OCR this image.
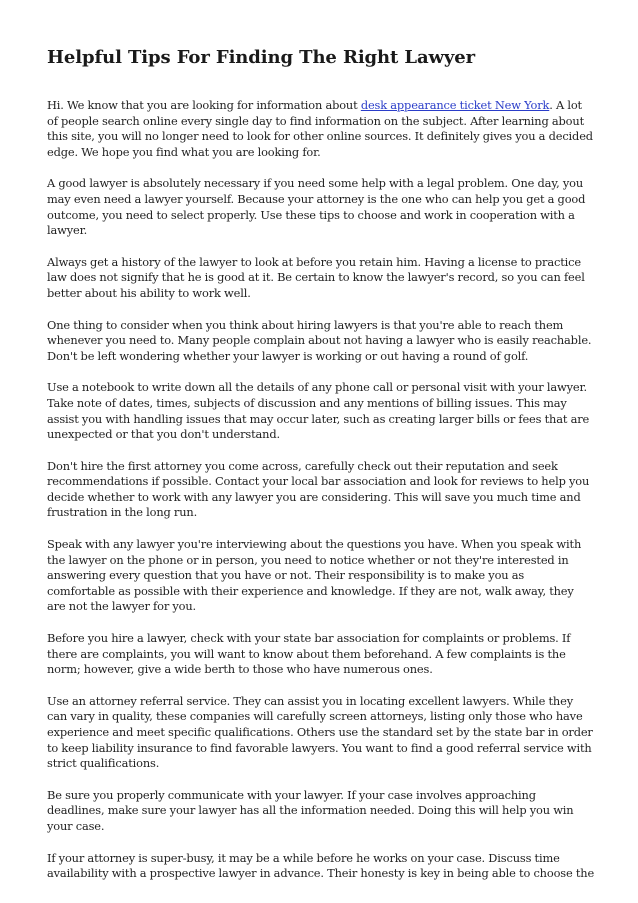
Helpful Tips For Finding The Right Lawyer

Hi. We know that you are looking for information about desk appearance ticket New York. A lot of people search online every single day to find information on the subject. After learning about this site, you will no longer need to look for other online sources. It definitely gives you a decided edge. We hope you find what you are looking for.

A good lawyer is absolutely necessary if you need some help with a legal problem. One day, you may even need a lawyer yourself. Because your attorney is the one who can help you get a good outcome, you need to select properly. Use these tips to choose and work in cooperation with a lawyer.

Always get a history of the lawyer to look at before you retain him. Having a license to practice law does not signify that he is good at it. Be certain to know the lawyer's record, so you can feel better about his ability to work well.

One thing to consider when you think about hiring lawyers is that you're able to reach them whenever you need to. Many people complain about not having a lawyer who is easily reachable. Don't be left wondering whether your lawyer is working or out having a round of golf.

Use a notebook to write down all the details of any phone call or personal visit with your lawyer. Take note of dates, times, subjects of discussion and any mentions of billing issues. This may assist you with handling issues that may occur later, such as creating larger bills or fees that are unexpected or that you don't understand.

Don't hire the first attorney you come across, carefully check out their reputation and seek recommendations if possible. Contact your local bar association and look for reviews to help you decide whether to work with any lawyer you are considering. This will save you much time and frustration in the long run.

Speak with any lawyer you're interviewing about the questions you have. When you speak with the lawyer on the phone or in person, you need to notice whether or not they're interested in answering every question that you have or not. Their responsibility is to make you as comfortable as possible with their experience and knowledge. If they are not, walk away, they are not the lawyer for you.

Before you hire a lawyer, check with your state bar association for complaints or problems. If there are complaints, you will want to know about them beforehand. A few complaints is the norm; however, give a wide berth to those who have numerous ones.

Use an attorney referral service. They can assist you in locating excellent lawyers. While they can vary in quality, these companies will carefully screen attorneys, listing only those who have experience and meet specific qualifications. Others use the standard set by the state bar in order to keep liability insurance to find favorable lawyers. You want to find a good referral service with strict qualifications.

Be sure you properly communicate with your lawyer. If your case involves approaching deadlines, make sure your lawyer has all the information needed. Doing this will help you win your case.

If your attorney is super-busy, it may be a while before he works on your case. Discuss time availability with a prospective lawyer in advance. Their honesty is key in being able to choose the
